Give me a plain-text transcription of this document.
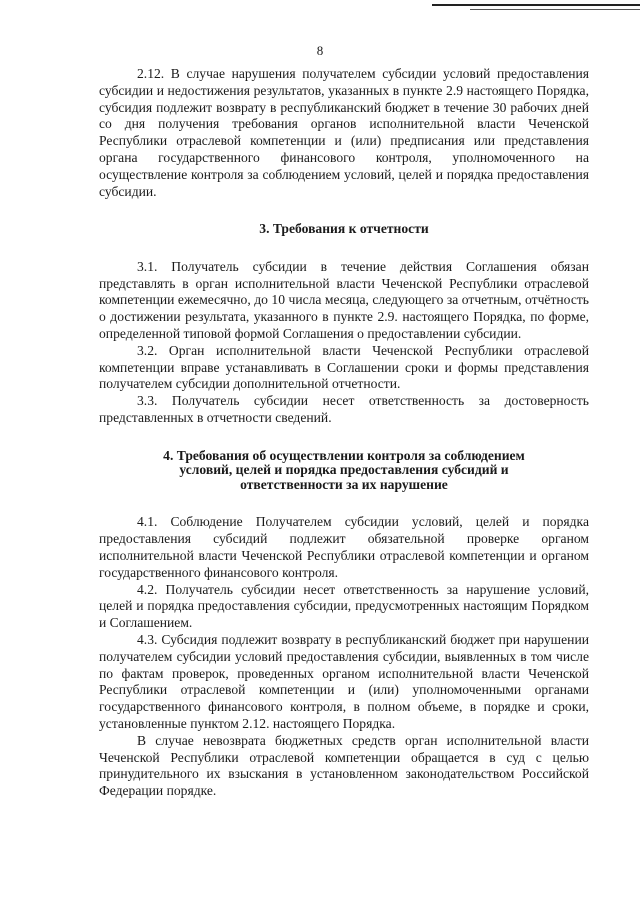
8

2.12. В случае нарушения получателем субсидии условий предоставления субсидии и недостижения результатов, указанных в пункте 2.9 настоящего Порядка, субсидия подлежит возврату в республиканский бюджет в течение 30 рабочих дней со дня получения требования органов исполнительной власти Чеченской Республики отраслевой компетенции и (или) предписания или представления органа государственного финансового контроля, уполномоченного на осуществление контроля за соблюдением условий, целей и порядка предоставления субсидии.

3. Требования к отчетности

3.1. Получатель субсидии в течение действия Соглашения обязан представлять в орган исполнительной власти Чеченской Республики отраслевой компетенции ежемесячно, до 10 числа месяца, следующего за отчетным, отчётность о достижении результата, указанного в пункте 2.9. настоящего Порядка, по форме, определенной типовой формой Соглашения о предоставлении субсидии.

3.2. Орган исполнительной власти Чеченской Республики отраслевой компетенции вправе устанавливать в Соглашении сроки и формы представления получателем субсидии дополнительной отчетности.

3.3. Получатель субсидии несет ответственность за достоверность представленных в отчетности сведений.

4. Требования об осуществлении контроля за соблюдением

условий, целей и порядка предоставления субсидий и

ответственности за их нарушение

4.1. Соблюдение Получателем субсидии условий, целей и порядка предоставления субсидий подлежит обязательной проверке органом исполнительной власти Чеченской Республики отраслевой компетенции и органом государственного финансового контроля.

4.2. Получатель субсидии несет ответственность за нарушение условий, целей и порядка предоставления субсидии, предусмотренных настоящим Порядком и Соглашением.

4.3. Субсидия подлежит возврату в республиканский бюджет при нарушении получателем субсидии условий предоставления субсидии, выявленных в том числе по фактам проверок, проведенных органом исполнительной власти Чеченской Республики отраслевой компетенции и (или) уполномоченными органами государственного финансового контроля, в полном объеме, в порядке и сроки, установленные пунктом 2.12. настоящего Порядка.

В случае невозврата бюджетных средств орган исполнительной власти Чеченской Республики отраслевой компетенции обращается в суд с целью принудительного их взыскания в установленном законодательством Российской Федерации порядке.
